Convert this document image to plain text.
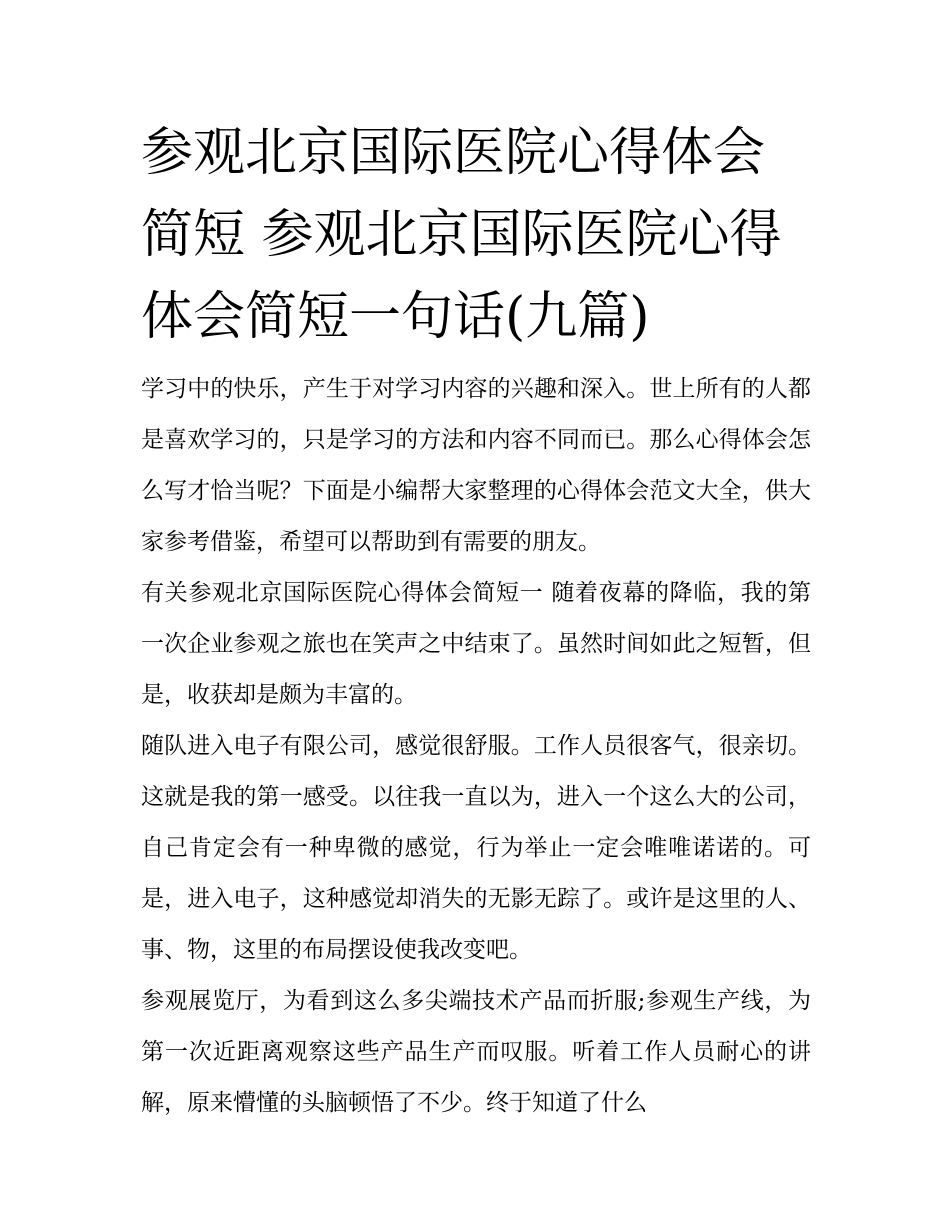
参观北京国际医院心得体会简短 参观北京国际医院心得体会简短一句话(九篇)

学习中的快乐，产生于对学习内容的兴趣和深入。世上所有的人都是喜欢学习的，只是学习的方法和内容不同而已。那么心得体会怎么写才恰当呢？下面是小编帮大家整理的心得体会范文大全，供大家参考借鉴，希望可以帮助到有需要的朋友。

有关参观北京国际医院心得体会简短一 随着夜幕的降临，我的第一次企业参观之旅也在笑声之中结束了。虽然时间如此之短暂，但是，收获却是颇为丰富的。

随队进入电子有限公司，感觉很舒服。工作人员很客气，很亲切。这就是我的第一感受。以往我一直以为，进入一个这么大的公司，自己肯定会有一种卑微的感觉，行为举止一定会唯唯诺诺的。可是，进入电子，这种感觉却消失的无影无踪了。或许是这里的人、事、物，这里的布局摆设使我改变吧。

参观展览厅，为看到这么多尖端技术产品而折服;参观生产线，为第一次近距离观察这些产品生产而叹服。听着工作人员耐心的讲解，原来懵懂的头脑顿悟了不少。终于知道了什么
